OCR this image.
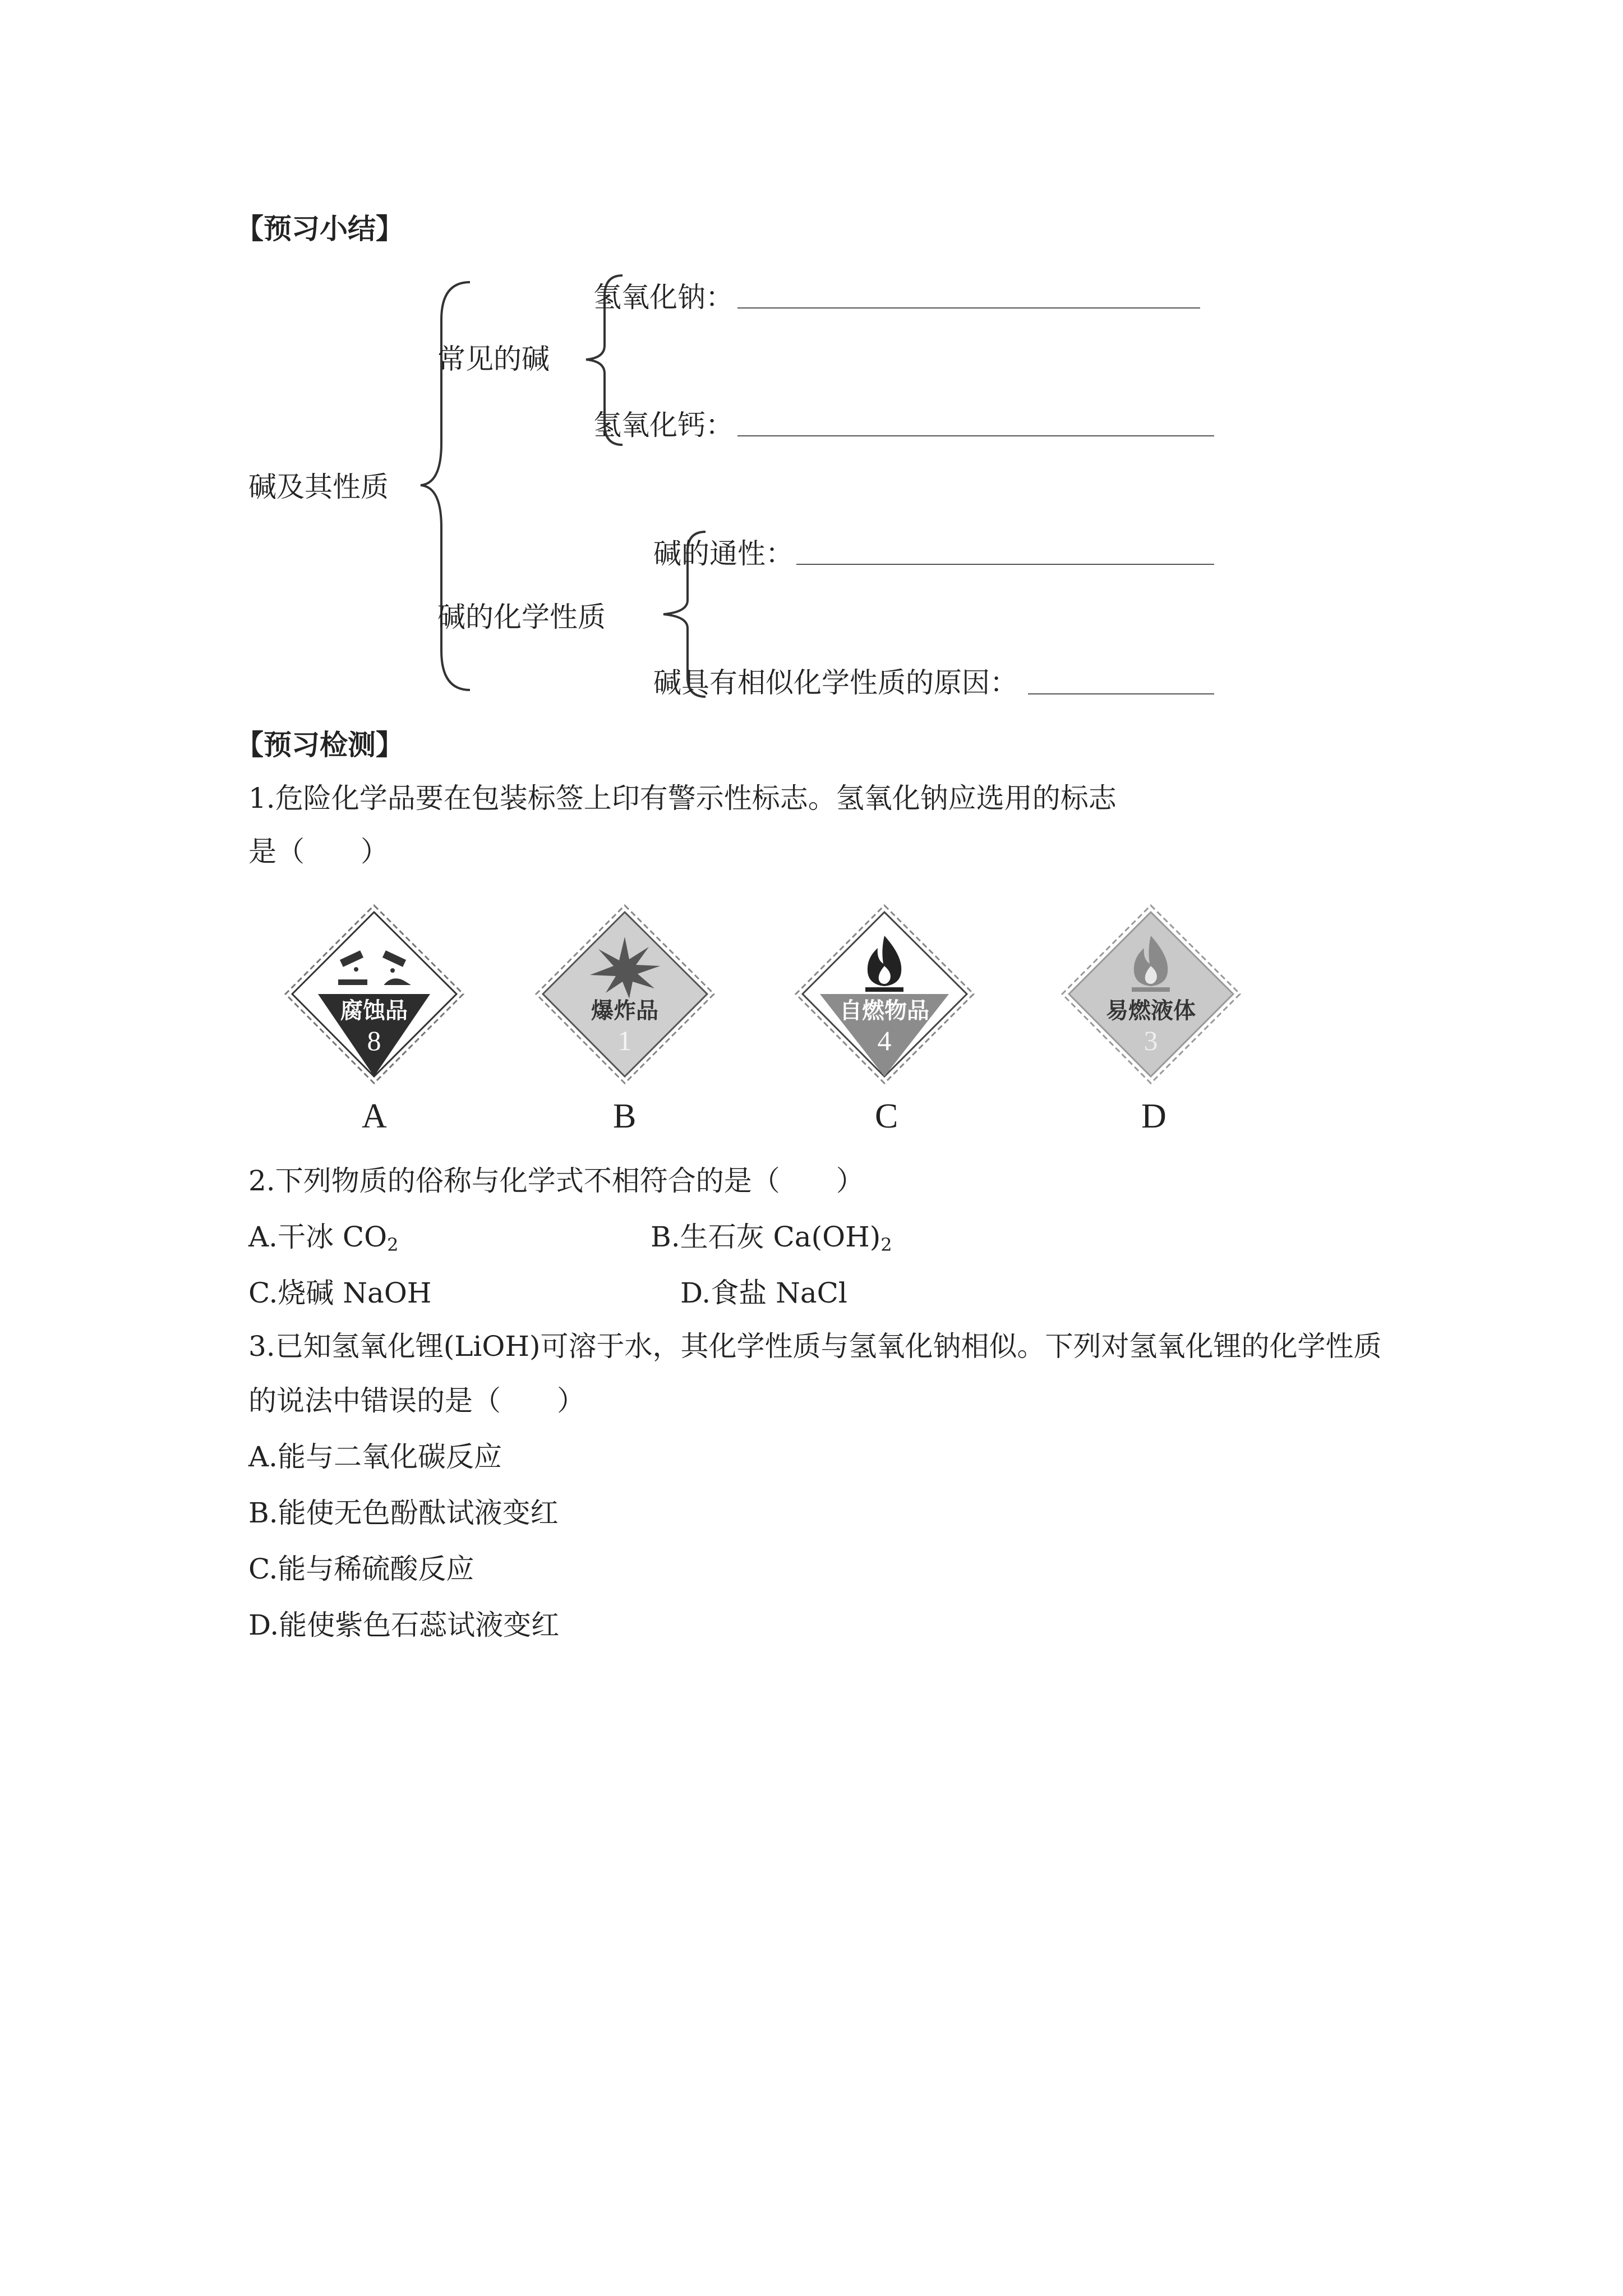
【预习小结】
碱及其性质
常见的碱
氢氧化钠：
氢氧化钙：
碱的化学性质
碱的通性：
碱具有相似化学性质的原因：
【预习检测】
1.危险化学品要在包装标签上印有警示性标志。氢氧化钠应选用的标志
是（　　）
腐蚀品
8
A
爆炸品
1
B
自燃物品
4
C
易燃液体
3
D
2.下列物质的俗称与化学式不相符合的是（　　）
A.干冰 $CO_2$	B.生石灰 $Ca(OH)_2$
C.烧碱 NaOH	D.食盐 NaCl
3.已知氢氧化锂(LiOH)可溶于水，其化学性质与氢氧化钠相似。下列对氢氧化锂的化学性质
的说法中错误的是（　　）
A.能与二氧化碳反应
B.能使无色酚酞试液变红
C.能与稀硫酸反应
D.能使紫色石蕊试液变红
